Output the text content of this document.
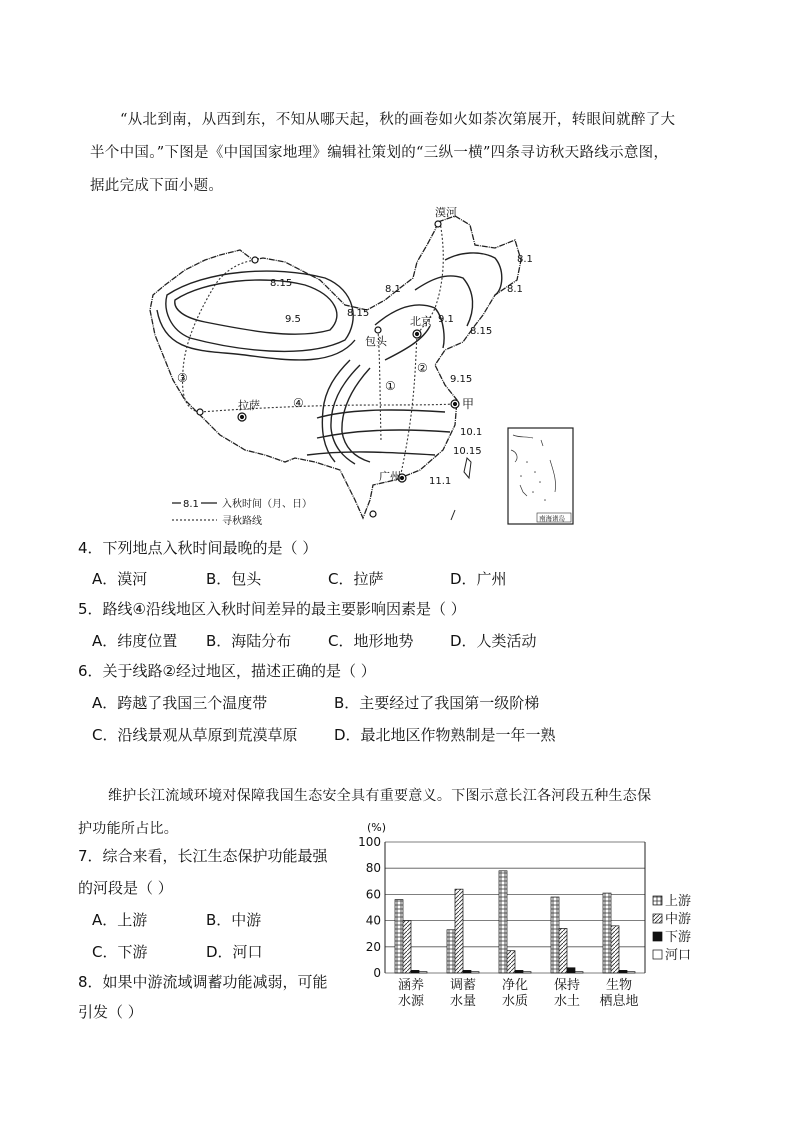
“从北到南，从西到东，不知从哪天起，秋的画卷如火如荼次第展开，转眼间就醉了大
半个中国。”下图是《中国国家地理》编辑社策划的“三纵一横”四条寻访秋天路线示意图，
据此完成下面小题。
漠河
北京
包头
拉萨
广州
甲
①
②
③
④
8.15
8.1
8.1
8.1
8.15
9.5	9.1
8.15
9.15
10.1
10.15
11.1
南海诸岛
8.1 入秋时间（月、日）
寻秋路线
4．下列地点入秋时间最晚的是（ ）
A．漠河	B．包头	C．拉萨	D．广州
5．路线④沿线地区入秋时间差异的最主要影响因素是（ ）
A．纬度位置 B．海陆分布 C．地形地势 D．人类活动
6．关于线路②经过地区，描述正确的是（ ）
A．跨越了我国三个温度带	B．主要经过了我国第一级阶梯
C．沿线景观从草原到荒漠草原 D．最北地区作物熟制是一年一熟
维护长江流域环境对保障我国生态安全具有重要意义。下图示意长江各河段五种生态保
护功能所占比。
7．综合来看，长江生态保护功能最强
的河段是（ ）
A．上游	B．中游
C．下游	D．河口
8．如果中游流域调蓄功能减弱，可能
引发（ ）
(%)
0
20
40
60
80
100
涵养
水源
调蓄
水量
净化
水质
保持
水土
生物
栖息地
上游
中游
下游
河口
